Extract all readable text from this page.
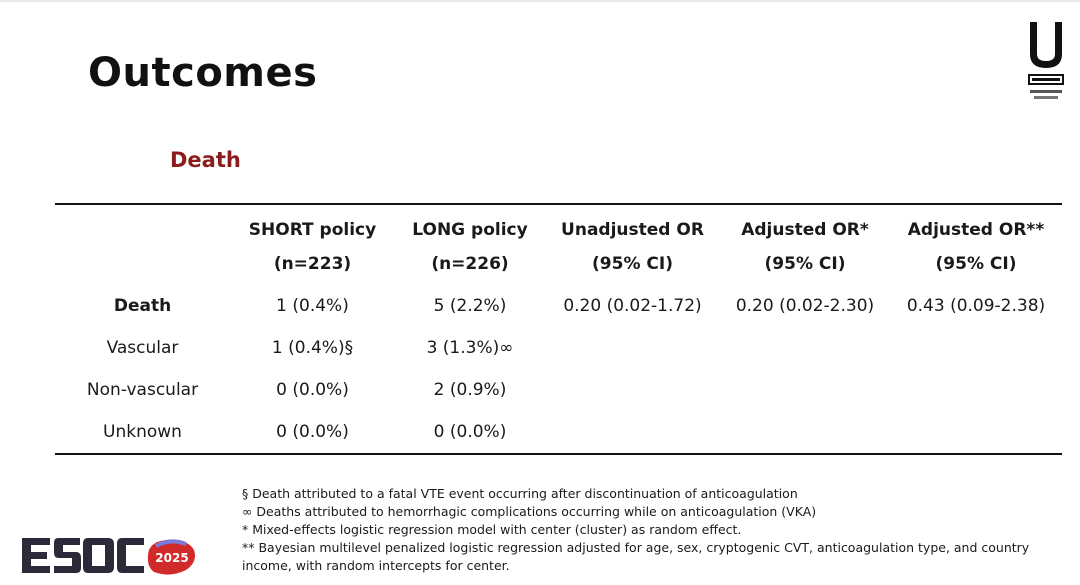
Outcomes
Death
	SHORT policy	LONG policy	Unadjusted OR	Adjusted OR*	Adjusted OR**
	(n=223)	(n=226)	(95% CI)	(95% CI)	(95% CI)
Death	1 (0.4%)	5 (2.2%)	0.20 (0.02-1.72)	0.20 (0.02-2.30)	0.43 (0.09-2.38)
Vascular	1 (0.4%)§	3 (1.3%)∞			
Non-vascular	0 (0.0%)	2 (0.9%)			
Unknown	0 (0.0%)	0 (0.0%)			
§ Death attributed to a fatal VTE event occurring after discontinuation of anticoagulation
∞ Deaths attributed to hemorrhagic complications occurring while on anticoagulation (VKA)
* Mixed-effects logistic regression model with center (cluster) as random effect.
** Bayesian multilevel penalized logistic regression adjusted for age, sex, cryptogenic CVT, anticoagulation type, and country income, with random intercepts for center.
2025
